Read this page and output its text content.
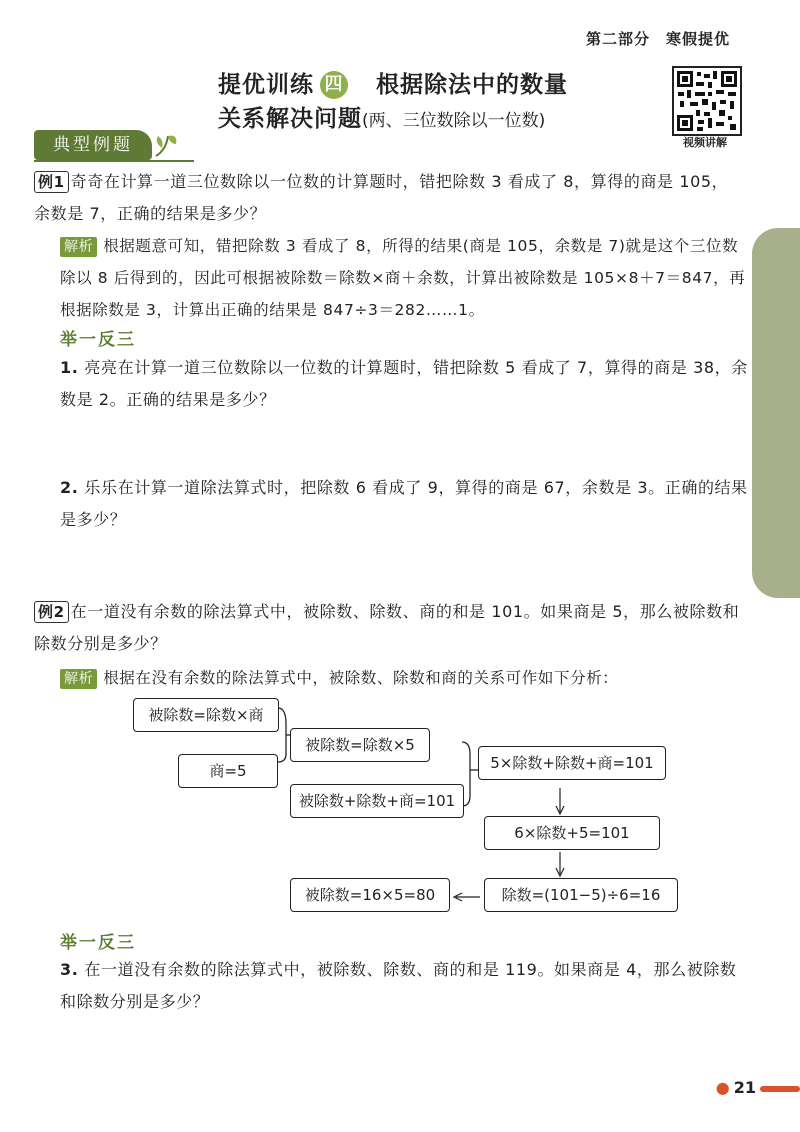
第二部分　寒假提优
提优训练 四 根据除法中的数量
关系解决问题(两、三位数除以一位数)
视频讲解
典型例题
例1 奇奇在计算一道三位数除以一位数的计算题时，错把除数 3 看成了 8，算得的商是 105，余数是 7，正确的结果是多少？
解析 根据题意可知，错把除数 3 看成了 8，所得的结果(商是 105，余数是 7)就是这个三位数除以 8 后得到的，因此可根据被除数＝除数×商＋余数，计算出被除数是 105×8＋7＝847，再根据除数是 3，计算出正确的结果是 847÷3＝282……1。
举一反三
1. 亮亮在计算一道三位数除以一位数的计算题时，错把除数 5 看成了 7，算得的商是 38，余数是 2。正确的结果是多少？
2. 乐乐在计算一道除法算式时，把除数 6 看成了 9，算得的商是 67，余数是 3。正确的结果是多少？
例2 在一道没有余数的除法算式中，被除数、除数、商的和是 101。如果商是 5，那么被除数和除数分别是多少？
解析 根据在没有余数的除法算式中，被除数、除数和商的关系可作如下分析：
被除数=除数×商
商=5
被除数=除数×5
被除数+除数+商=101
5×除数+除数+商=101
6×除数+5=101
除数=(101−5)÷6=16
被除数=16×5=80
举一反三
3. 在一道没有余数的除法算式中，被除数、除数、商的和是 119。如果商是 4，那么被除数和除数分别是多少？
● 21
